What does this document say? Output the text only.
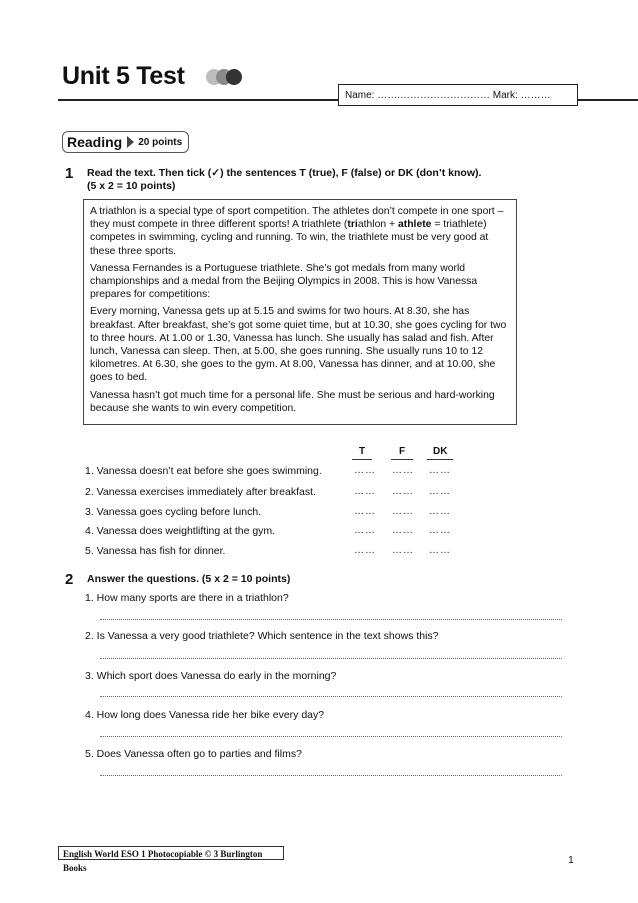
Unit 5 Test
Name: …….……………………… Mark: ………
Reading 20 points
1 Read the text. Then tick (✓) the sentences T (true), F (false) or DK (don’t know).
(5 x 2 = 10 points)

A triathlon is a special type of sport competition. The athletes don’t compete in one sport – they must compete in three different sports! A triathlete (triathlon + athlete = triathlete) competes in swimming, cycling and running. To win, the triathlete must be very good at these three sports.

Vanessa Fernandes is a Portuguese triathlete. She’s got medals from many world championships and a medal from the Beijing Olympics in 2008. This is how Vanessa prepares for competitions:

Every morning, Vanessa gets up at 5.15 and swims for two hours. At 8.30, she has breakfast. After breakfast, she’s got some quiet time, but at 10.30, she goes cycling for two to three hours. At 1.00 or 1.30, Vanessa has lunch. She usually has salad and fish. After lunch, Vanessa can sleep. Then, at 5.00, she goes running. She usually runs 10 to 12 kilometres. At 6.30, she goes to the gym. At 8.00, Vanessa has dinner, and at 10.00, she goes to bed.

Vanessa hasn’t got much time for a personal life. She must be serious and hard-working because she wants to win every competition.

T	F	DK
1. Vanessa doesn’t eat before she goes swimming.
2. Vanessa exercises immediately after breakfast.
3. Vanessa goes cycling before lunch.
4. Vanessa does weightlifting at the gym.
5. Vanessa has fish for dinner.
…… …… ……
…… …… ……
…… …… ……
…… …… ……
…… …… ……
2 Answer the questions. (5 x 2 = 10 points)
1. How many sports are there in a triathlon?
2. Is Vanessa a very good triathlete? Which sentence in the text shows this?
3. Which sport does Vanessa do early in the morning?
4. How long does Vanessa ride her bike every day?
5. Does Vanessa often go to parties and films?
English World ESO 1 Photocopiable © 3 Burlington Books
1
